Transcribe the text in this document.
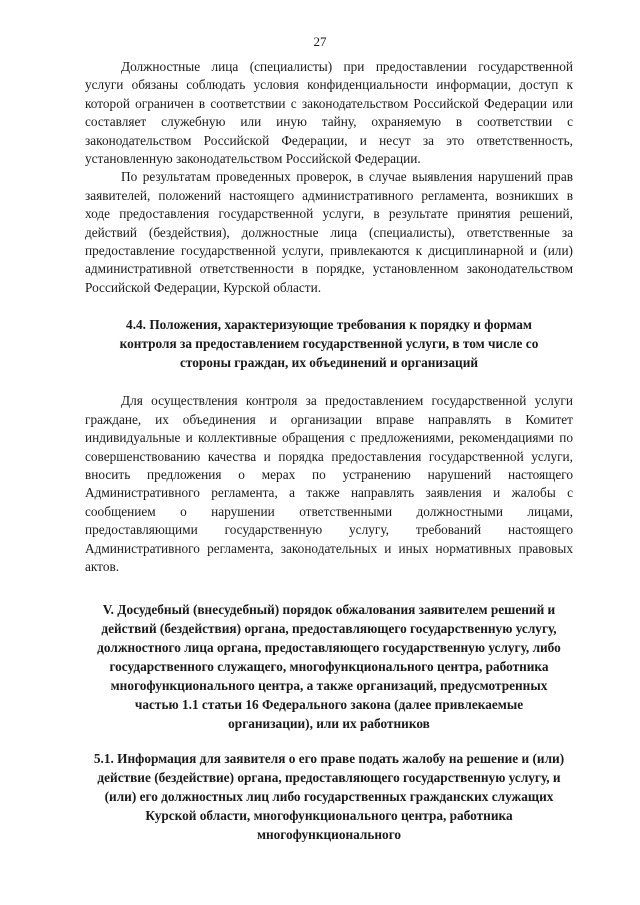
27

Должностные лица (специалисты) при предоставлении государственной услуги обязаны соблюдать условия конфиденциальности информации, доступ к которой ограничен в соответствии с законодательством Российской Федерации или составляет служебную или иную тайну, охраняемую в соответствии с законодательством Российской Федерации, и несут за это ответственность, установленную законодательством Российской Федерации.

По результатам проведенных проверок, в случае выявления нарушений прав заявителей, положений настоящего административного регламента, возникших в ходе предоставления государственной услуги, в результате принятия решений, действий (бездействия), должностные лица (специалисты), ответственные за предоставление государственной услуги, привлекаются к дисциплинарной и (или) административной ответственности в порядке, установленном законодательством Российской Федерации, Курской области.

4.4. Положения, характеризующие требования к порядку и формам контроля за предоставлением государственной услуги, в том числе со стороны граждан, их объединений и организаций

Для осуществления контроля за предоставлением государственной услуги граждане, их объединения и организации вправе направлять в Комитет индивидуальные и коллективные обращения с предложениями, рекомендациями по совершенствованию качества и порядка предоставления государственной услуги, вносить предложения о мерах по устранению нарушений настоящего Административного регламента, а также направлять заявления и жалобы с сообщением о нарушении ответственными должностными лицами, предоставляющими государственную услугу, требований настоящего Административного регламента, законодательных и иных нормативных правовых актов.

V. Досудебный (внесудебный) порядок обжалования заявителем решений и действий (бездействия) органа, предоставляющего государственную услугу, должностного лица органа, предоставляющего государственную услугу, либо государственного служащего, многофункционального центра, работника многофункционального центра, а также организаций, предусмотренных частью 1.1 статьи 16 Федерального закона (далее привлекаемые организации), или их работников

5.1. Информация для заявителя о его праве подать жалобу на решение и (или) действие (бездействие) органа, предоставляющего государственную услугу, и (или) его должностных лиц либо государственных гражданских служащих Курской области, многофункционального центра, работника многофункционального
